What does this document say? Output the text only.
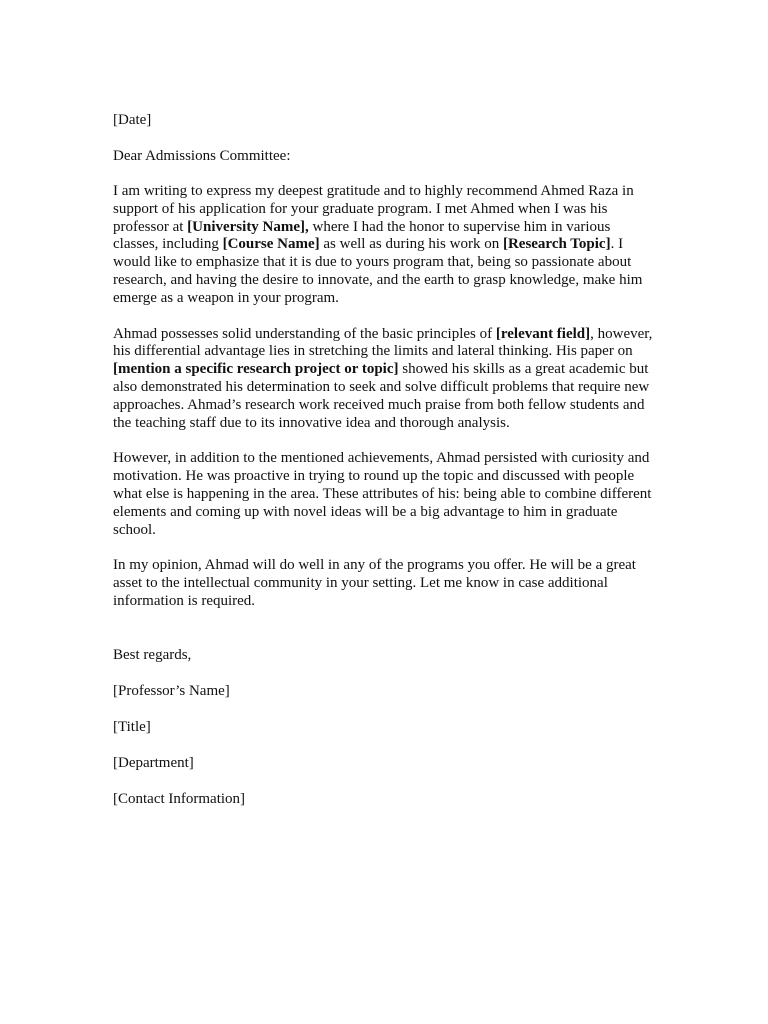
[Date]

Dear Admissions Committee:

I am writing to express my deepest gratitude and to highly recommend Ahmed Raza in support of his application for your graduate program. I met Ahmed when I was his professor at [University Name], where I had the honor to supervise him in various classes, including [Course Name] as well as during his work on [Research Topic]. I would like to emphasize that it is due to yours program that, being so passionate about research, and having the desire to innovate, and the earth to grasp knowledge, make him emerge as a weapon in your program.

Ahmad possesses solid understanding of the basic principles of [relevant field], however, his differential advantage lies in stretching the limits and lateral thinking. His paper on [mention a specific research project or topic] showed his skills as a great academic but also demonstrated his determination to seek and solve difficult problems that require new approaches. Ahmad’s research work received much praise from both fellow students and the teaching staff due to its innovative idea and thorough analysis.

However, in addition to the mentioned achievements, Ahmad persisted with curiosity and motivation. He was proactive in trying to round up the topic and discussed with people what else is happening in the area. These attributes of his: being able to combine different elements and coming up with novel ideas will be a big advantage to him in graduate school.

In my opinion, Ahmad will do well in any of the programs you offer. He will be a great asset to the intellectual community in your setting. Let me know in case additional information is required.

Best regards,

[Professor’s Name]

[Title]

[Department]

[Contact Information]
